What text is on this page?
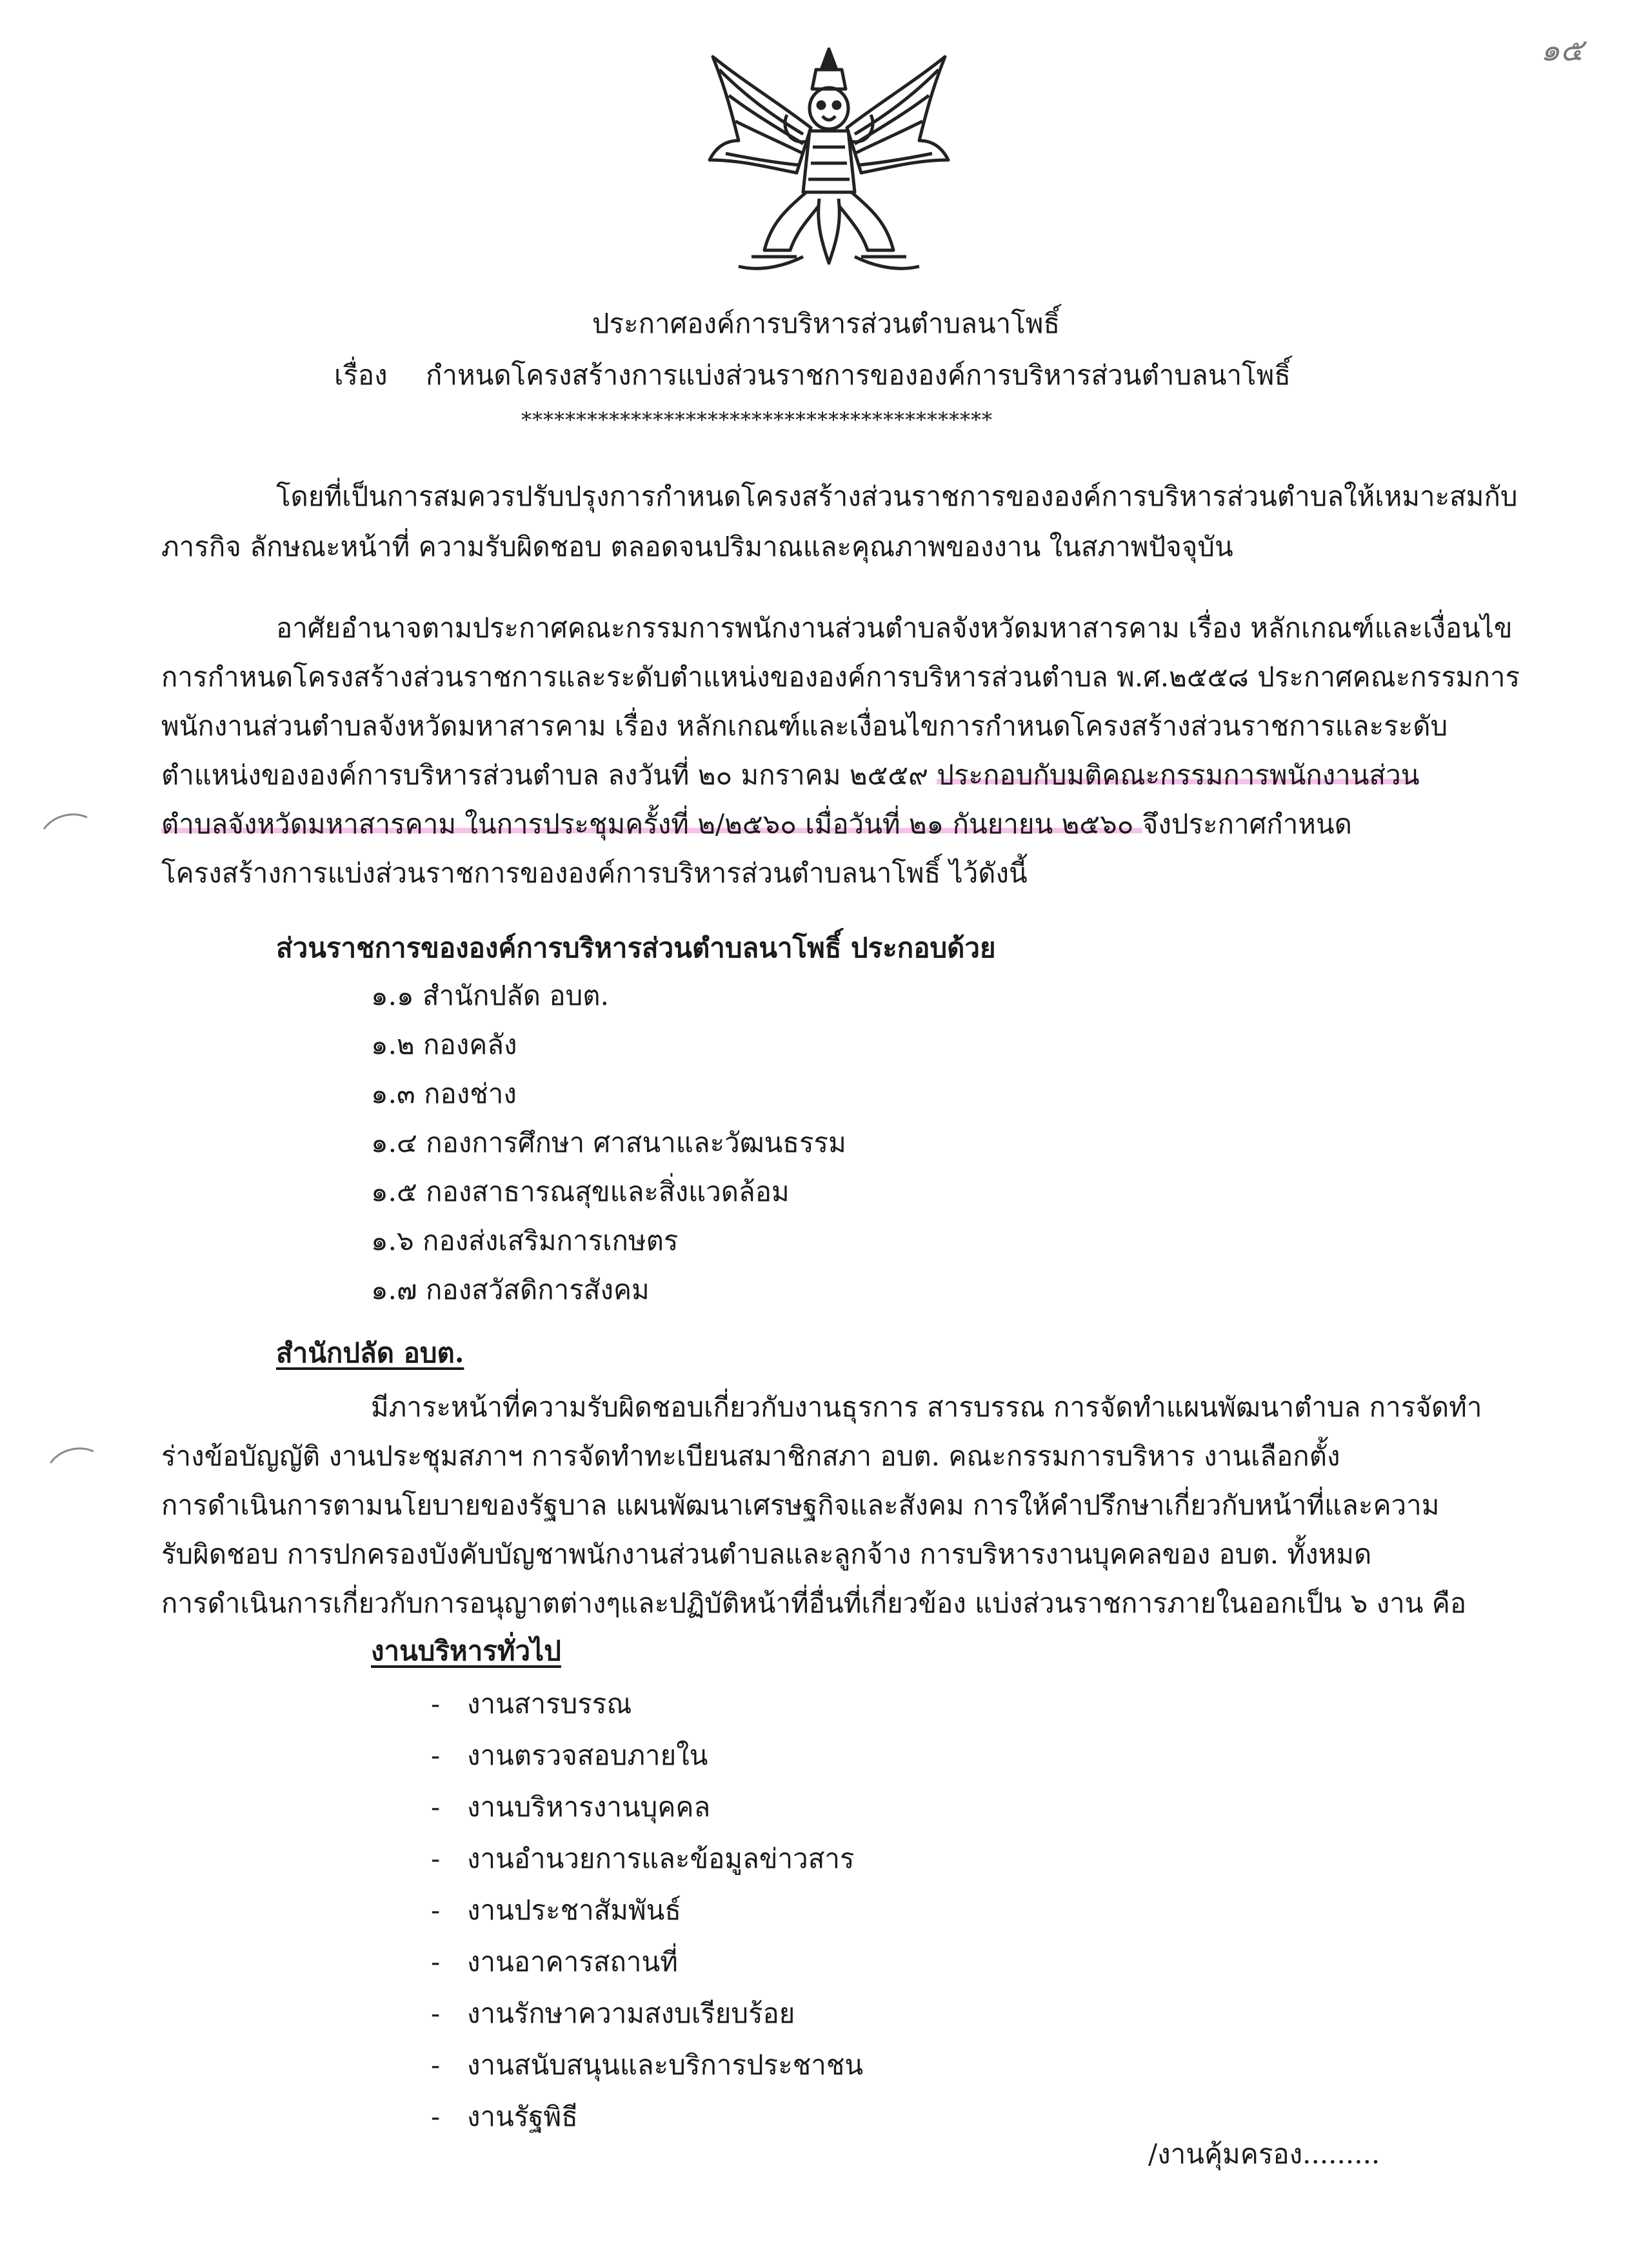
๑๕
ประกาศองค์การบริหารส่วนตำบลนาโพธิ์
เรื่อง กำหนดโครงสร้างการแบ่งส่วนราชการขององค์การบริหารส่วนตำบลนาโพธิ์
*******************************************
โดยที่เป็นการสมควรปรับปรุงการกำหนดโครงสร้างส่วนราชการขององค์การบริหารส่วนตำบลให้เหมาะสมกับ
ภารกิจ ลักษณะหน้าที่ ความรับผิดชอบ ตลอดจนปริมาณและคุณภาพของงาน ในสภาพปัจจุบัน
อาศัยอำนาจตามประกาศคณะกรรมการพนักงานส่วนตำบลจังหวัดมหาสารคาม เรื่อง หลักเกณฑ์และเงื่อนไข
การกำหนดโครงสร้างส่วนราชการและระดับตำแหน่งขององค์การบริหารส่วนตำบล พ.ศ.๒๕๕๘ ประกาศคณะกรรมการ
พนักงานส่วนตำบลจังหวัดมหาสารคาม เรื่อง หลักเกณฑ์และเงื่อนไขการกำหนดโครงสร้างส่วนราชการและระดับ
ตำแหน่งขององค์การบริหารส่วนตำบล ลงวันที่ ๒๐ มกราคม ๒๕๕๙ ประกอบกับมติคณะกรรมการพนักงานส่วน
ตำบลจังหวัดมหาสารคาม ในการประชุมครั้งที่ ๒/๒๕๖๐ เมื่อวันที่ ๒๑ กันยายน ๒๕๖๐ จึงประกาศกำหนด
โครงสร้างการแบ่งส่วนราชการขององค์การบริหารส่วนตำบลนาโพธิ์ ไว้ดังนี้
ส่วนราชการขององค์การบริหารส่วนตำบลนาโพธิ์ ประกอบด้วย
๑.๑ สำนักปลัด อบต.
๑.๒ กองคลัง
๑.๓ กองช่าง
๑.๔ กองการศึกษา ศาสนาและวัฒนธรรม
๑.๕ กองสาธารณสุขและสิ่งแวดล้อม
๑.๖ กองส่งเสริมการเกษตร
๑.๗ กองสวัสดิการสังคม
สำนักปลัด อบต.
มีภาระหน้าที่ความรับผิดชอบเกี่ยวกับงานธุรการ สารบรรณ การจัดทำแผนพัฒนาตำบล การจัดทำ
ร่างข้อบัญญัติ งานประชุมสภาฯ การจัดทำทะเบียนสมาชิกสภา อบต. คณะกรรมการบริหาร งานเลือกตั้ง
การดำเนินการตามนโยบายของรัฐบาล แผนพัฒนาเศรษฐกิจและสังคม การให้คำปรึกษาเกี่ยวกับหน้าที่และความ
รับผิดชอบ การปกครองบังคับบัญชาพนักงานส่วนตำบลและลูกจ้าง การบริหารงานบุคคลของ อบต. ทั้งหมด
การดำเนินการเกี่ยวกับการอนุญาตต่างๆและปฏิบัติหน้าที่อื่นที่เกี่ยวข้อง แบ่งส่วนราชการภายในออกเป็น ๖ งาน คือ
งานบริหารทั่วไป
- งานสารบรรณ
- งานตรวจสอบภายใน
- งานบริหารงานบุคคล
- งานอำนวยการและข้อมูลข่าวสาร
- งานประชาสัมพันธ์
- งานอาคารสถานที่
- งานรักษาความสงบเรียบร้อย
- งานสนับสนุนและบริการประชาชน
- งานรัฐพิธี
/งานคุ้มครอง.........
